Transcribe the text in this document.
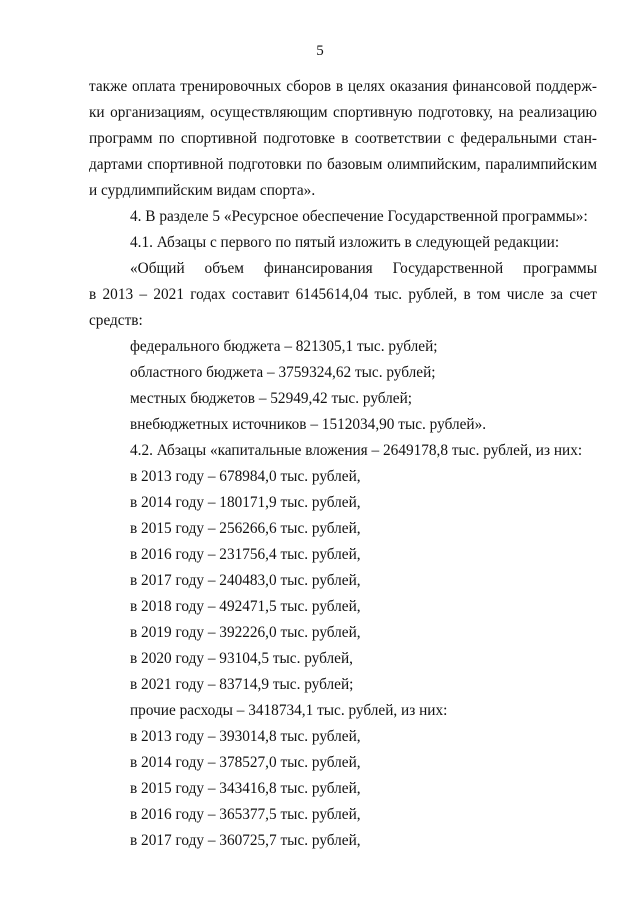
5
также оплата тренировочных сборов в целях оказания финансовой поддерж-
ки организациям, осуществляющим спортивную подготовку, на реализацию
программ по спортивной подготовке в соответствии с федеральными стан-
дартами спортивной подготовки по базовым олимпийским, паралимпийским
и сурдлимпийским видам спорта».
4. В разделе 5 «Ресурсное обеспечение Государственной программы»:
4.1. Абзацы с первого по пятый изложить в следующей редакции:
«Общий объем финансирования Государственной программы
в 2013 – 2021 годах составит 6145614,04 тыс. рублей, в том числе за счет
средств:
федерального бюджета – 821305,1 тыс. рублей;
областного бюджета – 3759324,62 тыс. рублей;
местных бюджетов – 52949,42 тыс. рублей;
внебюджетных источников – 1512034,90 тыс. рублей».
4.2. Абзацы «капитальные вложения – 2649178,8 тыс. рублей, из них:
в 2013 году – 678984,0 тыс. рублей,
в 2014 году – 180171,9 тыс. рублей,
в 2015 году – 256266,6 тыс. рублей,
в 2016 году – 231756,4 тыс. рублей,
в 2017 году – 240483,0 тыс. рублей,
в 2018 году – 492471,5 тыс. рублей,
в 2019 году – 392226,0 тыс. рублей,
в 2020 году – 93104,5 тыс. рублей,
в 2021 году – 83714,9 тыс. рублей;
прочие расходы – 3418734,1 тыс. рублей, из них:
в 2013 году – 393014,8 тыс. рублей,
в 2014 году – 378527,0 тыс. рублей,
в 2015 году – 343416,8 тыс. рублей,
в 2016 году – 365377,5 тыс. рублей,
в 2017 году – 360725,7 тыс. рублей,
